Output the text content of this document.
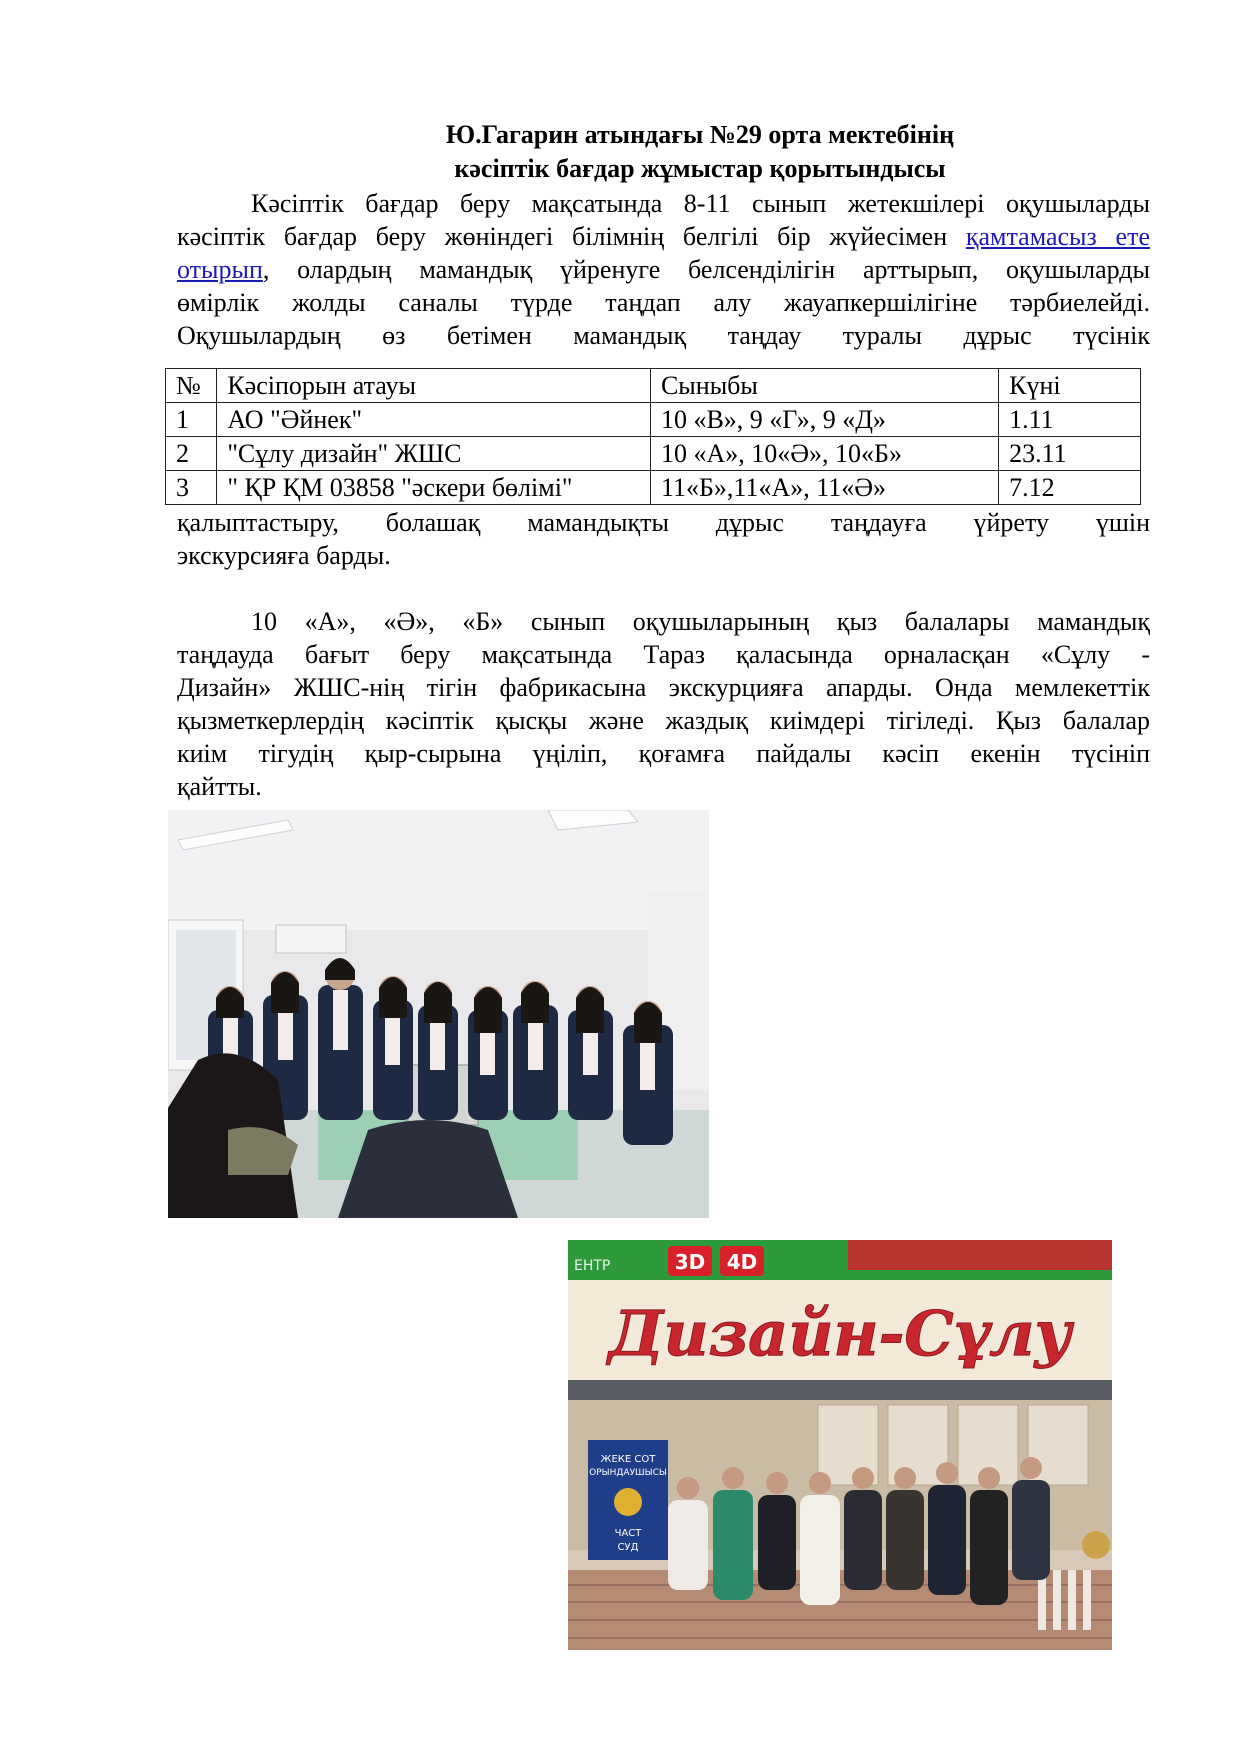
Ю.Гагарин атындағы №29 орта мектебінің
кәсіптік бағдар жұмыстар қорытындысы
Кәсіптік бағдар беру мақсатында 8-11 сынып жетекшілері оқушыларды
кәсіптік бағдар беру жөніндегі білімнің белгілі бір жүйесімен қамтамасыз ете
отырып, олардың мамандық үйренуге белсенділігін арттырып, оқушыларды
өмірлік жолды саналы түрде таңдап алу жауапкершілігіне тәрбиелейді.
Оқушылардың өз бетімен мамандық таңдау туралы дұрыс түсінік
№	Кәсіпорын атауы	Сыныбы	Күні
1	АО "Әйнек"	10 «В», 9 «Г», 9 «Д»	1.11
2	"Сұлу дизайн" ЖШС	10 «А», 10«Ә», 10«Б»	23.11
3	" ҚР ҚМ 03858 "әскери бөлімі"	11«Б»,11«А», 11«Ә»	7.12
қалыптастыру, болашақ мамандықты дұрыс таңдауға үйрету үшін
экскурсияға барды.
10 «А», «Ә», «Б» сынып оқушыларының қыз балалары мамандық
таңдауда бағыт беру мақсатында Тараз қаласында орналасқан «Сұлу -
Дизайн» ЖШС-нің тігін фабрикасына экскурцияға апарды. Онда мемлекеттік
қызметкерлердің кәсіптік қысқы және жаздық киімдері тігіледі. Қыз балалар
киім тігудің қыр-сырына үңіліп, қоғамға пайдалы кәсіп екенін түсініп
қайтты.
3D 4D
ЕНТР
Дизайн-Сұлу
ЖЕКЕ СОТ
ОРЫНДАУШЫСЫ
ЧАСТ
СУД
